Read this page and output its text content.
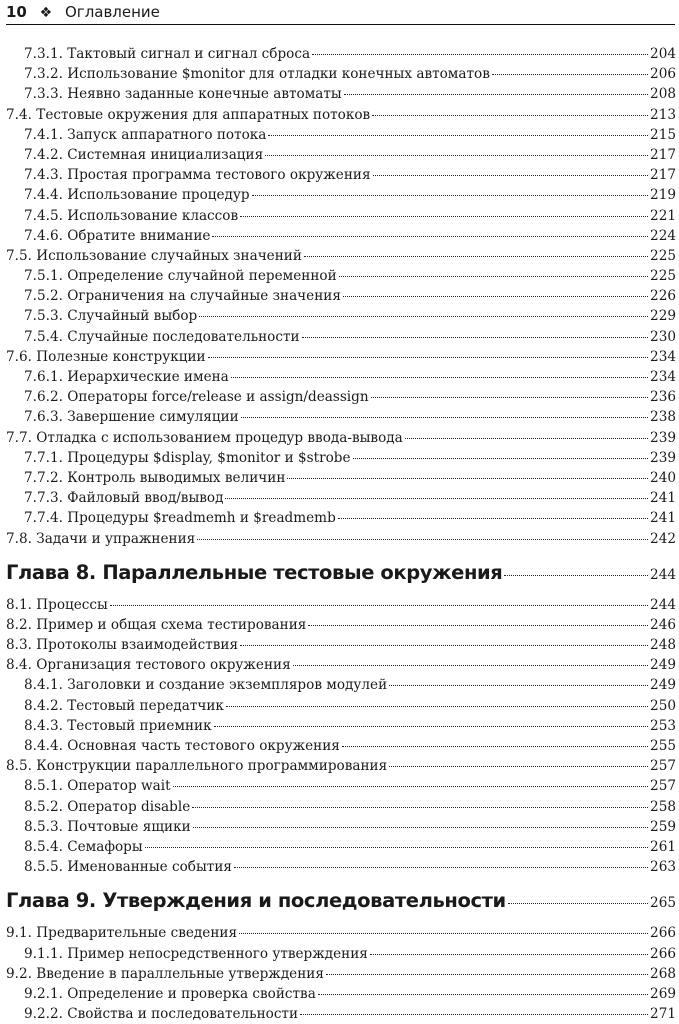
10 ❖ Оглавление
7.3.1. Тактовый сигнал и сигнал сброса	204
7.3.2. Использование $monitor для отладки конечных автоматов	206
7.3.3. Неявно заданные конечные автоматы	208
7.4. Тестовые окружения для аппаратных потоков	213
7.4.1. Запуск аппаратного потока	215
7.4.2. Системная инициализация	217
7.4.3. Простая программа тестового окружения	217
7.4.4. Использование процедур	219
7.4.5. Использование классов	221
7.4.6. Обратите внимание	224
7.5. Использование случайных значений	225
7.5.1. Определение случайной переменной	225
7.5.2. Ограничения на случайные значения	226
7.5.3. Случайный выбор	229
7.5.4. Случайные последовательности	230
7.6. Полезные конструкции	234
7.6.1. Иерархические имена	234
7.6.2. Операторы force/release и assign/deassign	236
7.6.3. Завершение симуляции	238
7.7. Отладка с использованием процедур ввода-вывода	239
7.7.1. Процедуры $display, $monitor и $strobe	239
7.7.2. Контроль выводимых величин	240
7.7.3. Файловый ввод/вывод	241
7.7.4. Процедуры $readmemh и $readmemb	241
7.8. Задачи и упражнения	242
Глава 8. Параллельные тестовые окружения	244
8.1. Процессы	244
8.2. Пример и общая схема тестирования	246
8.3. Протоколы взаимодействия	248
8.4. Организация тестового окружения	249
8.4.1. Заголовки и создание экземпляров модулей	249
8.4.2. Тестовый передатчик	250
8.4.3. Тестовый приемник	253
8.4.4. Основная часть тестового окружения	255
8.5. Конструкции параллельного программирования	257
8.5.1. Оператор wait	257
8.5.2. Оператор disable	258
8.5.3. Почтовые ящики	259
8.5.4. Семафоры	261
8.5.5. Именованные события	263
Глава 9. Утверждения и последовательности	265
9.1. Предварительные сведения	266
9.1.1. Пример непосредственного утверждения	266
9.2. Введение в параллельные утверждения	268
9.2.1. Определение и проверка свойства	269
9.2.2. Свойства и последовательности	271
